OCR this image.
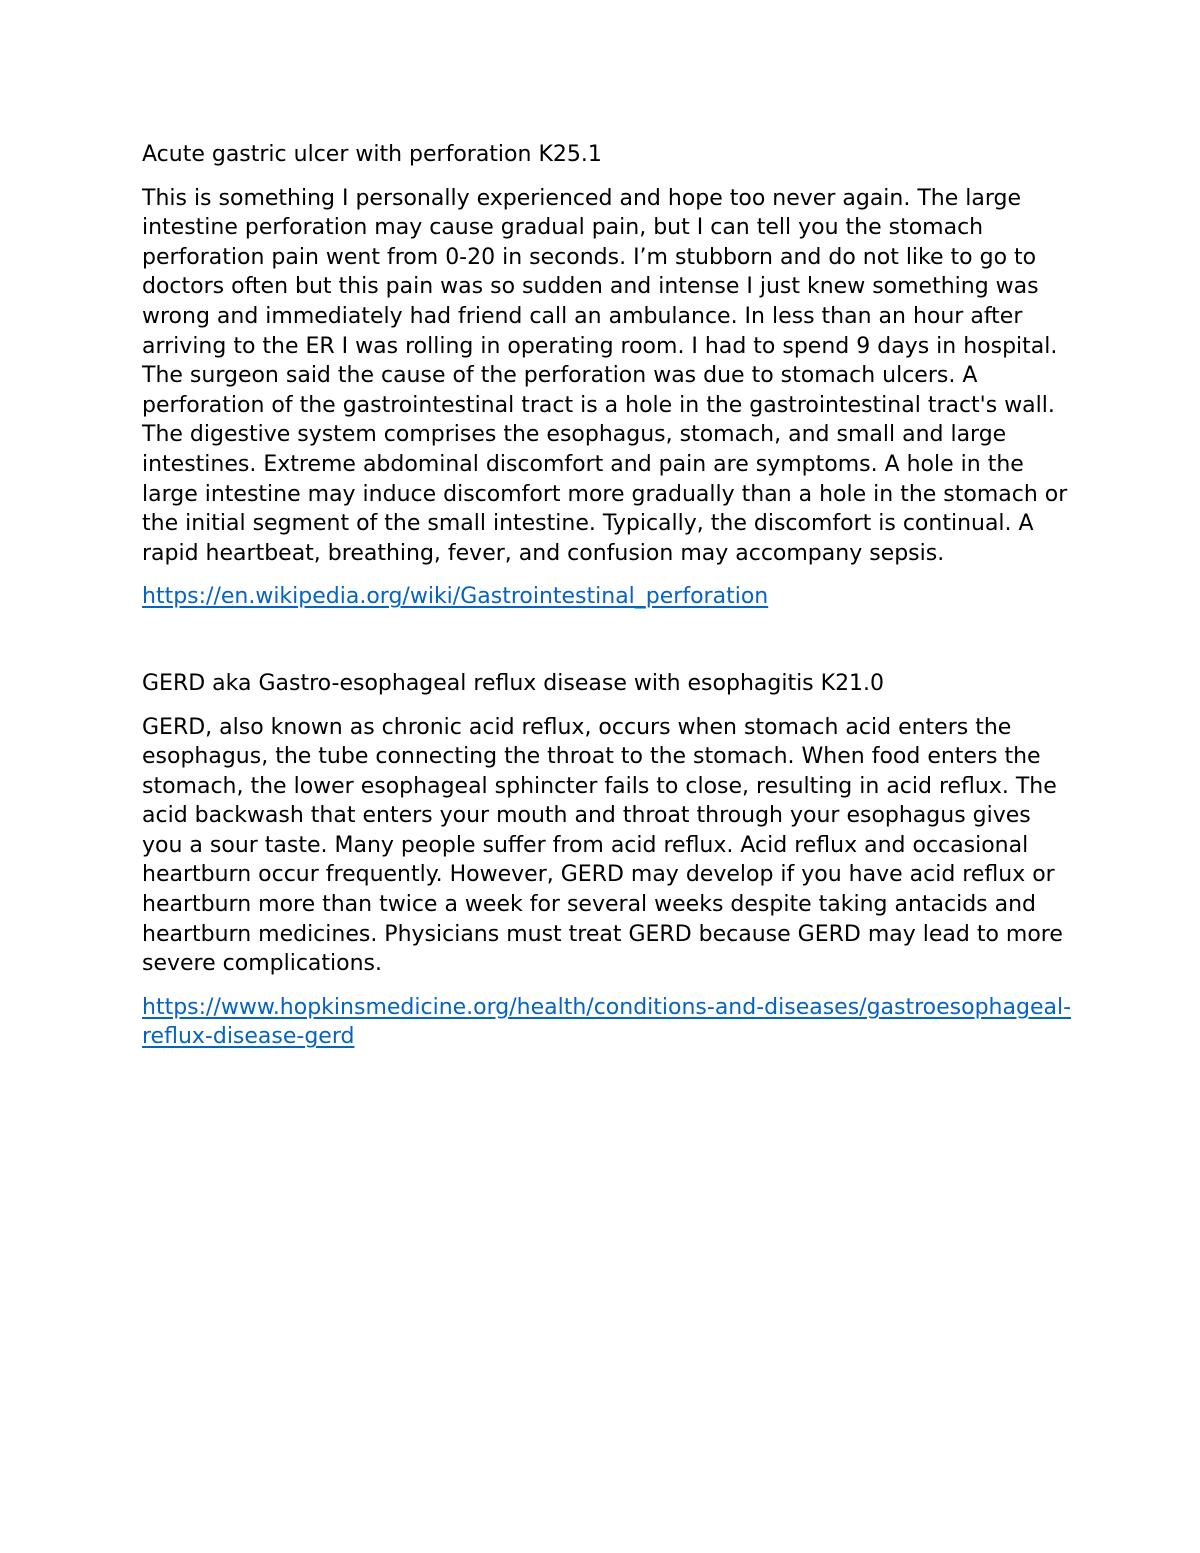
Acute gastric ulcer with perforation K25.1

This is something I personally experienced and hope too never again. The large intestine perforation may cause gradual pain, but I can tell you the stomach perforation pain went from 0-20 in seconds. I’m stubborn and do not like to go to doctors often but this pain was so sudden and intense I just knew something was wrong and immediately had friend call an ambulance. In less than an hour after arriving to the ER I was rolling in operating room. I had to spend 9 days in hospital. The surgeon said the cause of the perforation was due to stomach ulcers. A perforation of the gastrointestinal tract is a hole in the gastrointestinal tract's wall. The digestive system comprises the esophagus, stomach, and small and large intestines. Extreme abdominal discomfort and pain are symptoms. A hole in the large intestine may induce discomfort more gradually than a hole in the stomach or the initial segment of the small intestine. Typically, the discomfort is continual. A rapid heartbeat, breathing, fever, and confusion may accompany sepsis.

https://en.wikipedia.org/wiki/Gastrointestinal_perforation

GERD aka Gastro-esophageal reflux disease with esophagitis K21.0

GERD, also known as chronic acid reflux, occurs when stomach acid enters the esophagus, the tube connecting the throat to the stomach. When food enters the stomach, the lower esophageal sphincter fails to close, resulting in acid reflux. The acid backwash that enters your mouth and throat through your esophagus gives you a sour taste. Many people suffer from acid reflux. Acid reflux and occasional heartburn occur frequently. However, GERD may develop if you have acid reflux or heartburn more than twice a week for several weeks despite taking antacids and heartburn medicines. Physicians must treat GERD because GERD may lead to more severe complications.

https://www.hopkinsmedicine.org/health/conditions-and-diseases/gastroesophageal-reflux-disease-gerd
